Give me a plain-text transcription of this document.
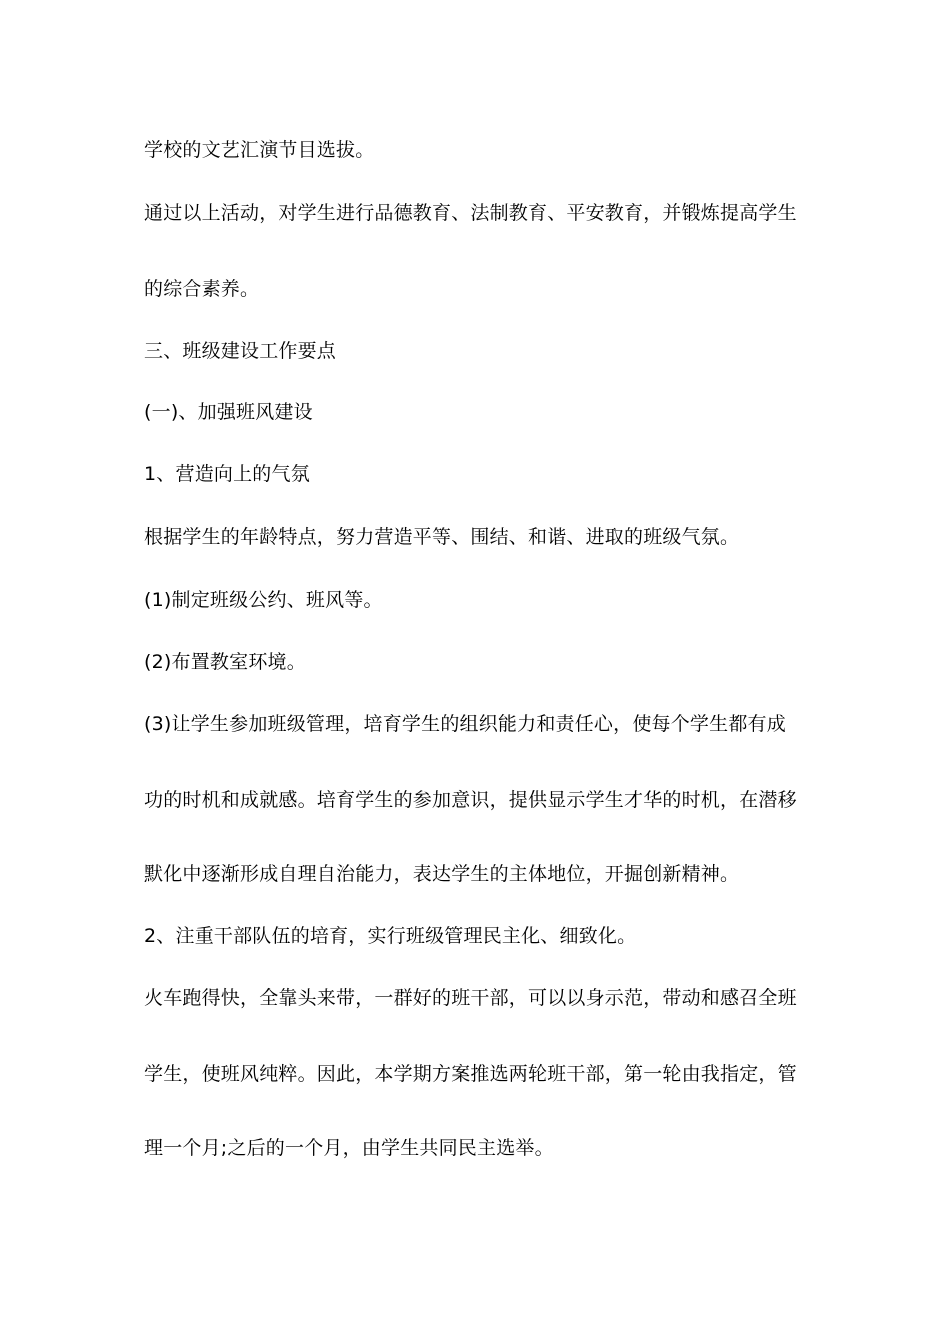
学校的文艺汇演节目选拔。
通过以上活动，对学生进行品德教育、法制教育、平安教育，并锻炼提高学生
的综合素养。
三、班级建设工作要点
(一)、加强班风建设
1、营造向上的气氛
根据学生的年龄特点，努力营造平等、围结、和谐、进取的班级气氛。
(1)制定班级公约、班风等。
(2)布置教室环境。
(3)让学生参加班级管理，培育学生的组织能力和责任心，使每个学生都有成
功的时机和成就感。培育学生的参加意识，提供显示学生才华的时机，在潜移
默化中逐渐形成自理自治能力，表达学生的主体地位，开掘创新精神。
2、注重干部队伍的培育，实行班级管理民主化、细致化。
火车跑得快，全靠头来带，一群好的班干部，可以以身示范，带动和感召全班
学生，使班风纯粹。因此，本学期方案推选两轮班干部，第一轮由我指定，管
理一个月;之后的一个月，由学生共同民主选举。
